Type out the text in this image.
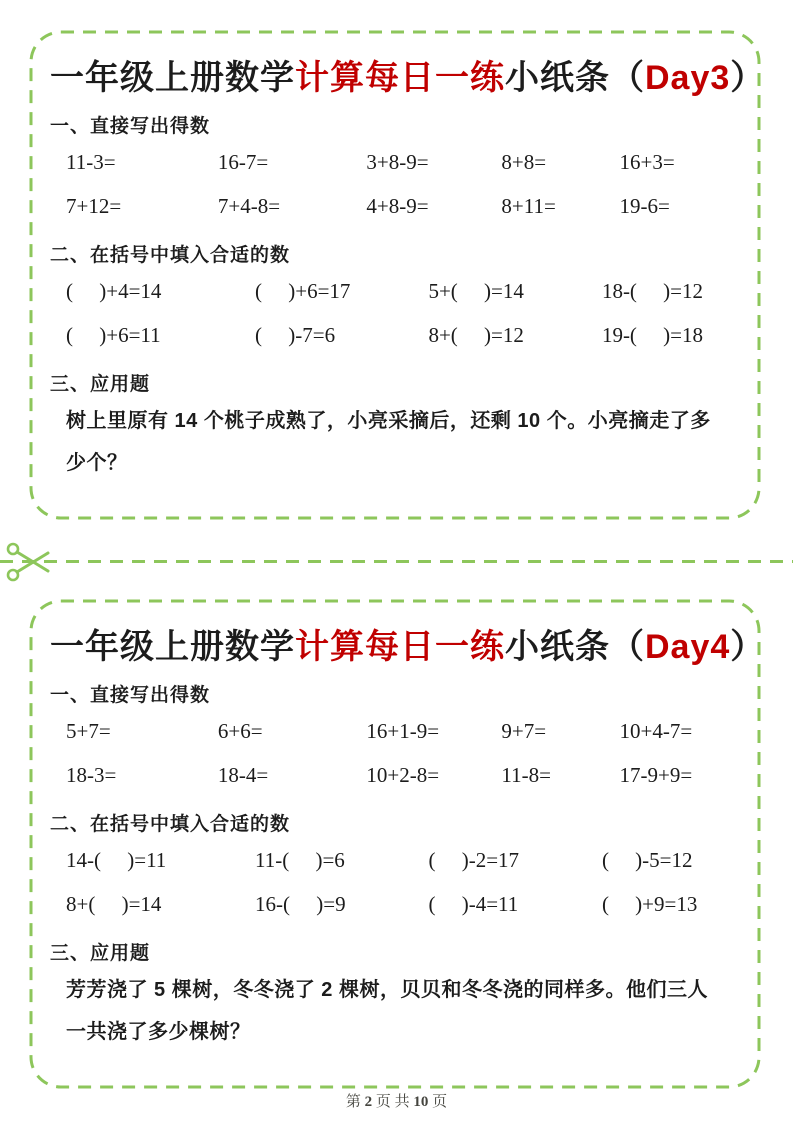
一年级上册数学计算每日一练小纸条（Day3）
一、直接写出得数
11-3=	16-7=	3+8-9=	8+8=	16+3=
7+12=	7+4-8=	4+8-9=	8+11=	19-6=
二、在括号中填入合适的数
(     )+4=14	(     )+6=17	5+(     )=14	18-(     )=12
(     )+6=11	(     )-7=6	8+(     )=12	19-(     )=18
三、应用题
树上里原有 14 个桃子成熟了，小亮采摘后，还剩 10 个。小亮摘走了多
少个？
一年级上册数学计算每日一练小纸条（Day4）
一、直接写出得数
5+7=	6+6=	16+1-9=	9+7=	10+4-7=
18-3=	18-4=	10+2-8=	11-8=	17-9+9=
二、在括号中填入合适的数
14-(     )=11	11-(     )=6	(     )-2=17	(     )-5=12
8+(     )=14	16-(     )=9	(     )-4=11	(     )+9=13
三、应用题
芳芳浇了 5 棵树，冬冬浇了 2 棵树，贝贝和冬冬浇的同样多。他们三人
一共浇了多少棵树？
第 2 页 共 10 页
